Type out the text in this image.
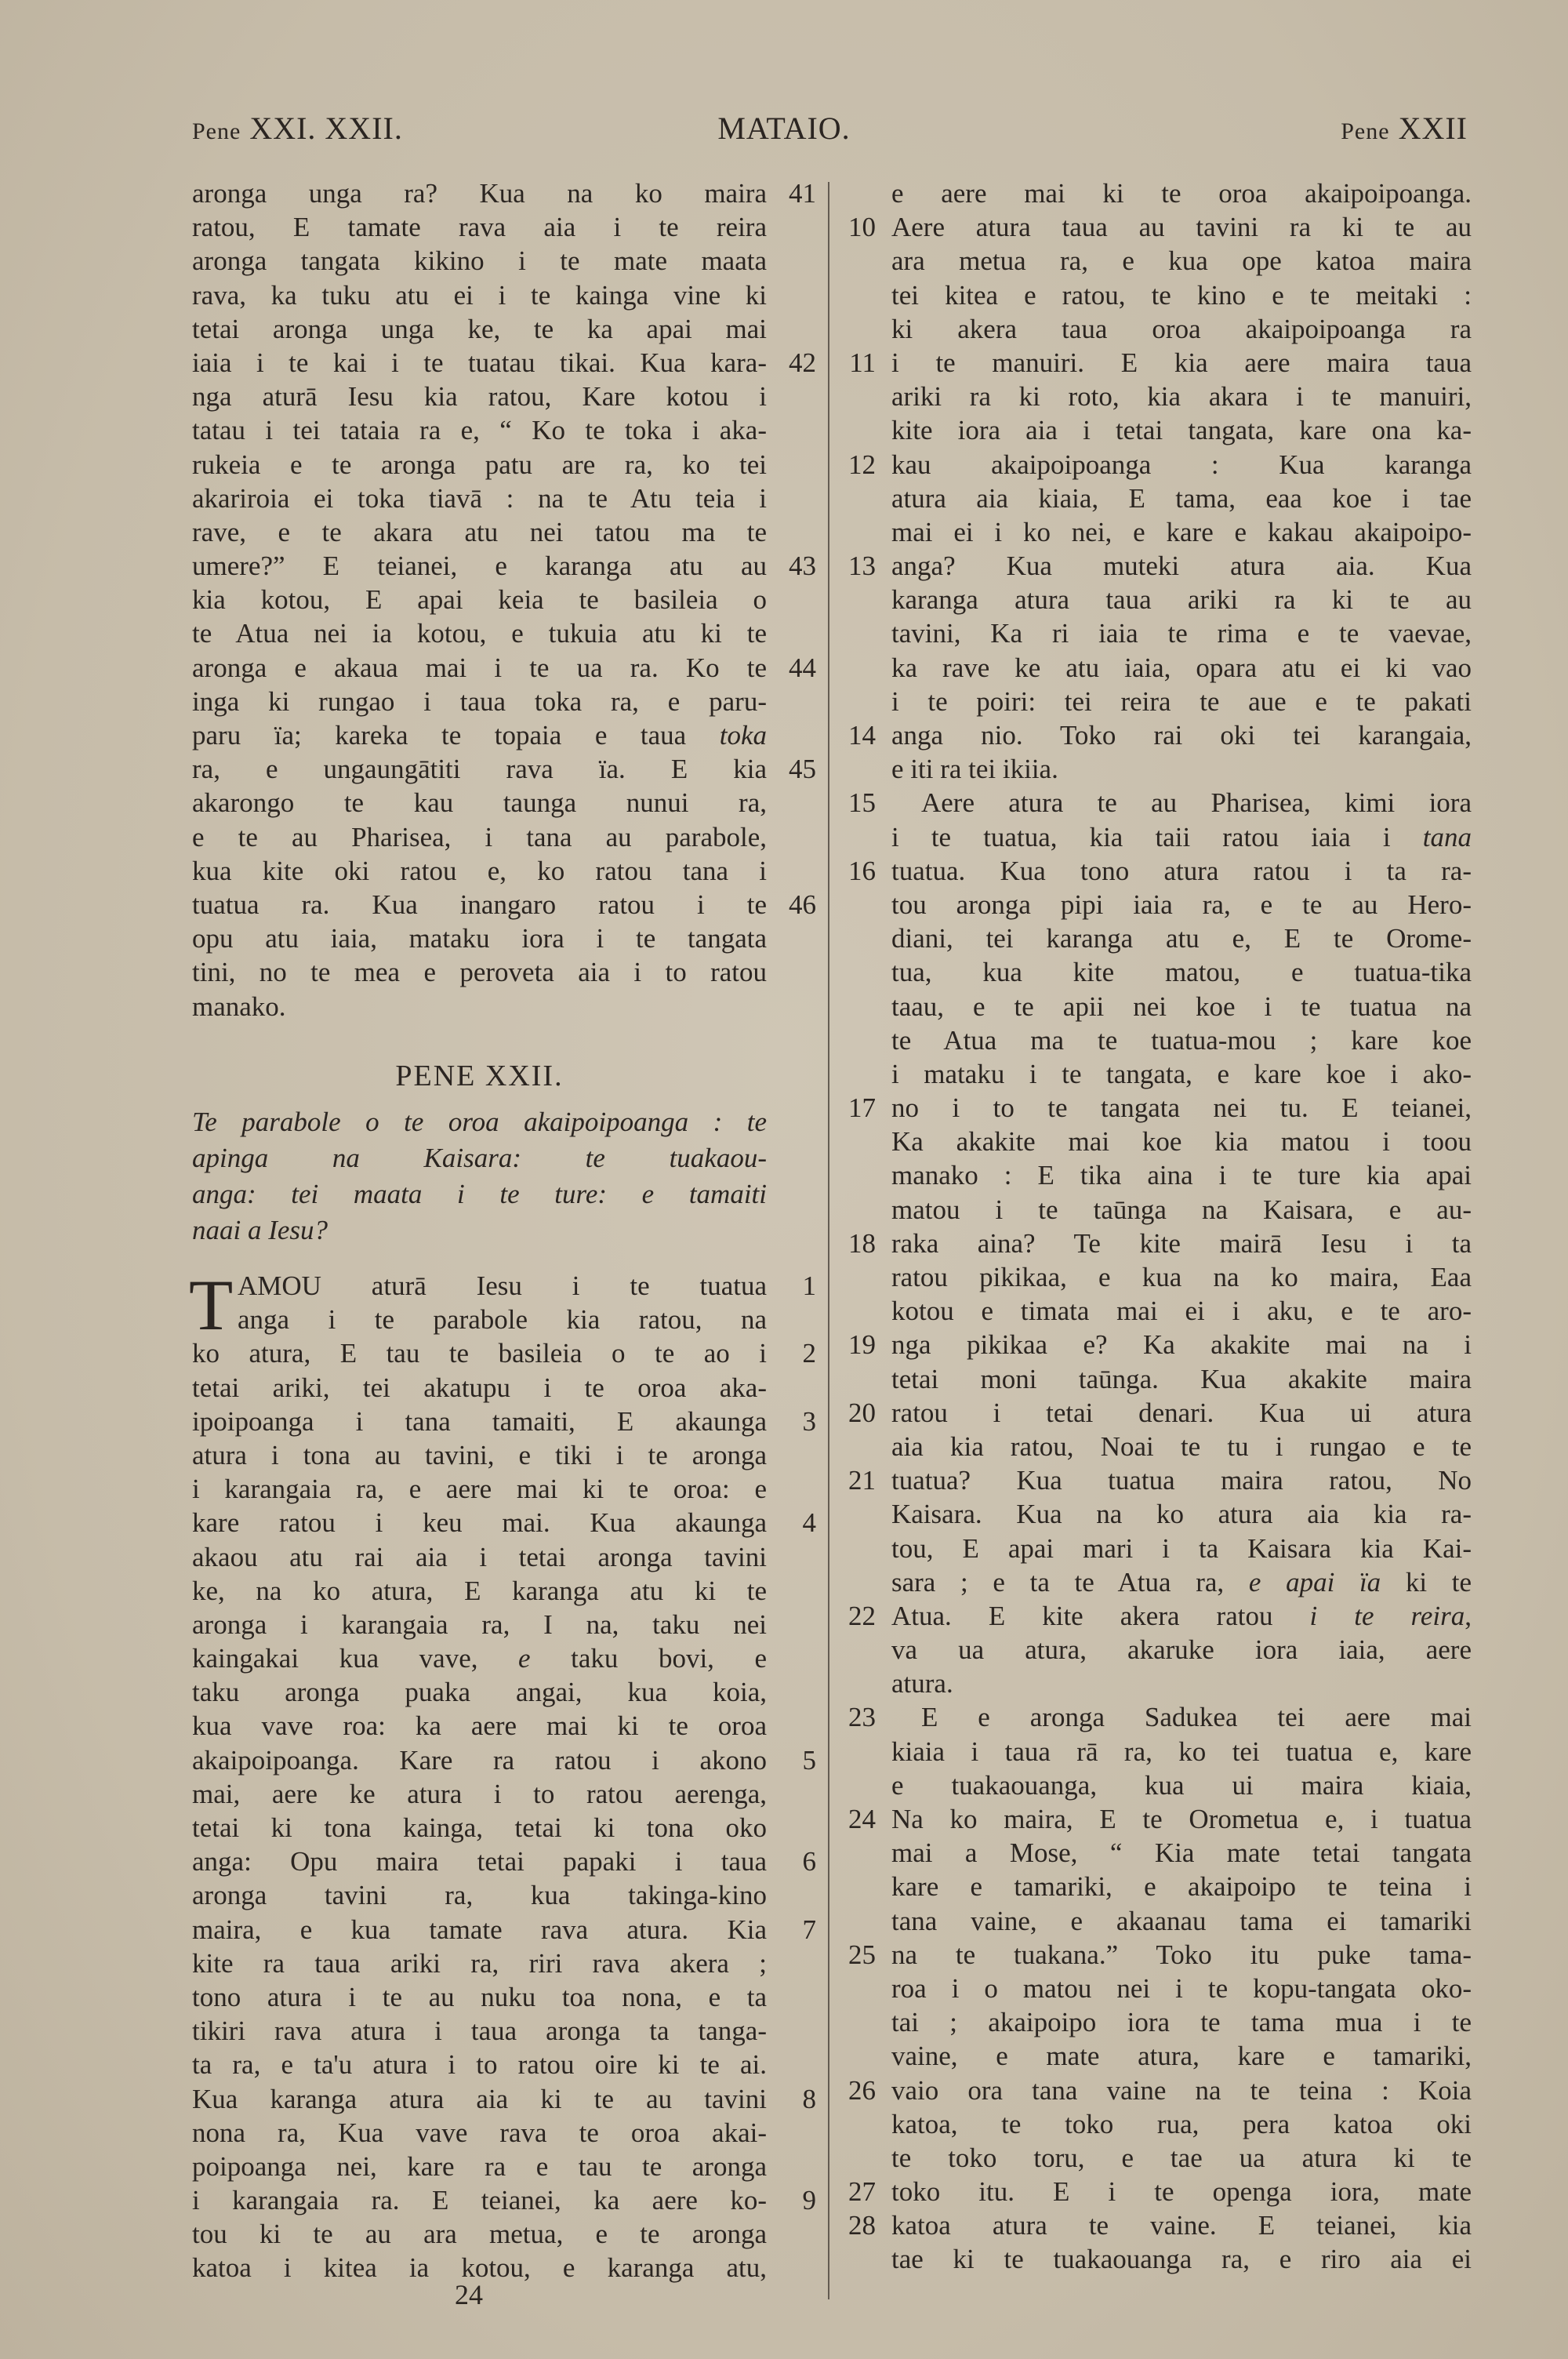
Pene XXI. XXII.	MATAIO.	Pene XXII
aronga unga ra? Kua na ko maira 41
ratou, E tamate rava aia i te reira
aronga tangata kikino i te mate maata
rava, ka tuku atu ei i te kainga vine ki
tetai aronga unga ke, te ka apai mai
iaia i te kai i te tuatau tikai. Kua kara- 42
nga aturā Iesu kia ratou, Kare kotou i
tatau i tei tataia ra e, “ Ko te toka i aka-
rukeia e te aronga patu are ra, ko tei
akariroia ei toka tiavā : na te Atu teia i
rave, e te akara atu nei tatou ma te
umere?” E teianei, e karanga atu au 43
kia kotou, E apai keia te basileia o
te Atua nei ia kotou, e tukuia atu ki te
aronga e akaua mai i te ua ra. Ko te 44
inga ki rungao i taua toka ra, e paru-
paru ïa; kareka te topaia e taua toka
ra, e ungaungātiti rava ïa. E kia 45
akarongo te kau taunga nunui ra,
e te au Pharisea, i tana au parabole,
kua kite oki ratou e, ko ratou tana i
tuatua ra. Kua inangaro ratou i te 46
opu atu iaia, mataku iora i te tangata
tini, no te mea e peroveta aia i to ratou
manako.
PENE XXII.
Te parabole o te oroa akaipoipoanga : te
apinga na Kaisara: te tuakaou-
anga: tei maata i te ture: e tamaiti
naai a Iesu?
AMOU aturā Iesu i te tuatua
T	1
anga i te parabole kia ratou, na
ko atura, E tau te basileia o te ao i	2
tetai ariki, tei akatupu i te oroa aka-
ipoipoanga i tana tamaiti, E akaunga	3
atura i tona au tavini, e tiki i te aronga
i karangaia ra, e aere mai ki te oroa: e
kare ratou i keu mai. Kua akaunga	4
akaou atu rai aia i tetai aronga tavini
ke, na ko atura, E karanga atu ki te
aronga i karangaia ra, I na, taku nei
kaingakai kua vave, e taku bovi, e
taku aronga puaka angai, kua koia,
kua vave roa: ka aere mai ki te oroa
akaipoipoanga. Kare ra ratou i akono	5
mai, aere ke atura i to ratou aerenga,
tetai ki tona kainga, tetai ki tona oko
anga: Opu maira tetai papaki i taua	6
aronga tavini ra, kua takinga-kino
maira, e kua tamate rava atura. Kia	7
kite ra taua ariki ra, riri rava akera ;
tono atura i te au nuku toa nona, e ta
tikiri rava atura i taua aronga ta tanga-
ta ra, e ta'u atura i to ratou oire ki te ai.
Kua karanga atura aia ki te au tavini	8
nona ra, Kua vave rava te oroa akai-
poipoanga nei, kare ra e tau te aronga
i karangaia ra. E teianei, ka aere ko-	9
tou ki te au ara metua, e te aronga
katoa i kitea ia kotou, e karanga atu,
e aere mai ki te oroa akaipoipoanga.
Aere atura taua au tavini ra ki te au
10
ara metua ra, e kua ope katoa maira
tei kitea e ratou, te kino e te meitaki :
ki akera taua oroa akaipoipoanga ra
i te manuiri. E kia aere maira taua
11
ariki ra ki roto, kia akara i te manuiri,
kite iora aia i tetai tangata, kare ona ka-
kau akaipoipoanga : Kua karanga
12
atura aia kiaia, E tama, eaa koe i tae
mai ei i ko nei, e kare e kakau akaipoipo-
anga? Kua muteki atura aia. Kua
13
karanga atura taua ariki ra ki te au
tavini, Ka ri iaia te rima e te vaevae,
ka rave ke atu iaia, opara atu ei ki vao
i te poiri: tei reira te aue e te pakati
anga nio. Toko rai oki tei karangaia,
14
e iti ra tei ikiia.
Aere atura te au Pharisea, kimi iora
15
i te tuatua, kia taii ratou iaia i tana
tuatua. Kua tono atura ratou i ta ra-
16
tou aronga pipi iaia ra, e te au Hero-
diani, tei karanga atu e, E te Orome-
tua, kua kite matou, e tuatua-tika
taau, e te apii nei koe i te tuatua na
te Atua ma te tuatua-mou ; kare koe
i mataku i te tangata, e kare koe i ako-
no i to te tangata nei tu. E teianei,
17
Ka akakite mai koe kia matou i toou
manako : E tika aina i te ture kia apai
matou i te taūnga na Kaisara, e au-
raka aina? Te kite mairā Iesu i ta
18
ratou pikikaa, e kua na ko maira, Eaa
kotou e timata mai ei i aku, e te aro-
nga pikikaa e? Ka akakite mai na i
19
tetai moni taūnga. Kua akakite maira
ratou i tetai denari. Kua ui atura
20
aia kia ratou, Noai te tu i rungao e te
tuatua? Kua tuatua maira ratou, No
21
Kaisara. Kua na ko atura aia kia ra-
tou, E apai mari i ta Kaisara kia Kai-
sara ; e ta te Atua ra, e apai ïa ki te
Atua. E kite akera ratou i te reira,
22
va ua atura, akaruke iora iaia, aere
atura.
E e aronga Sadukea tei aere mai
23
kiaia i taua rā ra, ko tei tuatua e, kare
e tuakaouanga, kua ui maira kiaia,
Na ko maira, E te Orometua e, i tuatua
24
mai a Mose, “ Kia mate tetai tangata
kare e tamariki, e akaipoipo te teina i
tana vaine, e akaanau tama ei tamariki
na te tuakana.” Toko itu puke tama-
25
roa i o matou nei i te kopu-tangata oko-
tai ; akaipoipo iora te tama mua i te
vaine, e mate atura, kare e tamariki,
vaio ora tana vaine na te teina : Koia
26
katoa, te toko rua, pera katoa oki
te toko toru, e tae ua atura ki te
toko itu. E i te openga iora, mate
27
katoa atura te vaine. E teianei, kia
28
tae ki te tuakaouanga ra, e riro aia ei
24
